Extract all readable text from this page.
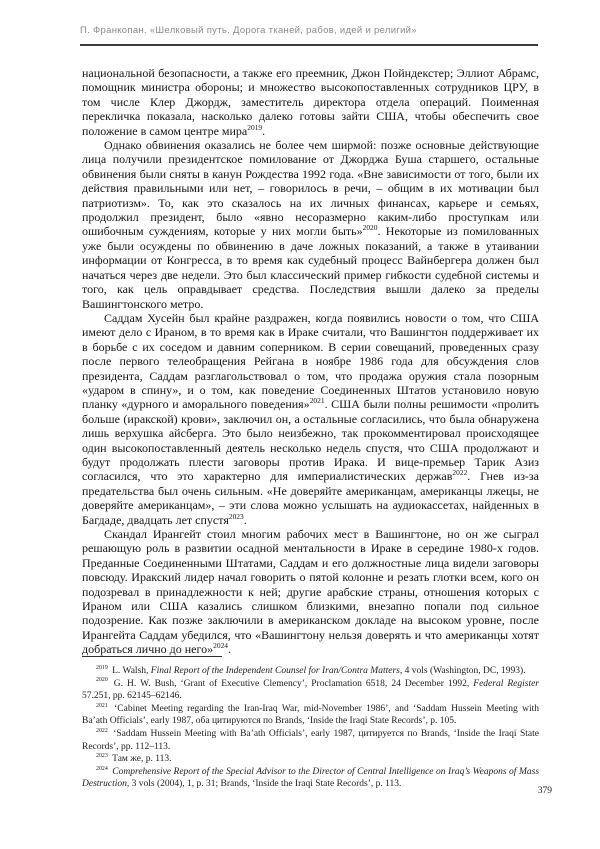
П. Франкопан. «Шелковый путь. Дорога тканей, рабов, идей и религий»

национальной безопасности, а также его преемник, Джон Пойндекстер; Эллиот Абрамс, помощник министра обороны; и множество высокопоставленных сотрудников ЦРУ, в том числе Клер Джордж, заместитель директора отдела операций. Поименная перекличка показала, насколько далеко готовы зайти США, чтобы обеспечить свое положение в самом центре мира$^{2019}$.

Однако обвинения оказались не более чем ширмой: позже основные действующие лица получили президентское помилование от Джорджа Буша старшего, остальные обвинения были сняты в канун Рождества 1992 года. «Вне зависимости от того, были их действия правильными или нет, – говорилось в речи, – общим в их мотивации был патриотизм». То, как это сказалось на их личных финансах, карьере и семьях, продолжил президент, было «явно несоразмерно каким-либо проступкам или ошибочным суждениям, которые у них могли быть»$^{2020}$. Некоторые из помилованных уже были осуждены по обвинению в даче ложных показаний, а также в утаивании информации от Конгресса, в то время как судебный процесс Вайнбергера должен был начаться через две недели. Это был классический пример гибкости судебной системы и того, как цель оправдывает средства. Последствия вышли далеко за пределы Вашингтонского метро.

Саддам Хусейн был крайне раздражен, когда появились новости о том, что США имеют дело с Ираном, в то время как в Ираке считали, что Вашингтон поддерживает их в борьбе с их соседом и давним соперником. В серии совещаний, проведенных сразу после первого телеобращения Рейгана в ноябре 1986 года для обсуждения слов президента, Саддам разглагольствовал о том, что продажа оружия стала позорным «ударом в спину», и о том, как поведение Соединенных Штатов установило новую планку «дурного и аморального поведения»$^{2021}$. США были полны решимости «пролить больше (иракской) крови», заключил он, а остальные согласились, что была обнаружена лишь верхушка айсберга. Это было неизбежно, так прокомментировал происходящее один высокопоставленный деятель несколько недель спустя, что США продолжают и будут продолжать плести заговоры против Ирака. И вице-премьер Тарик Азиз согласился, что это характерно для империалистических держав$^{2022}$. Гнев из-за предательства был очень сильным. «Не доверяйте американцам, американцы лжецы, не доверяйте американцам», – эти слова можно услышать на аудиокассетах, найденных в Багдаде, двадцать лет спустя$^{2023}$.

Скандал Ирангейт стоил многим рабочих мест в Вашингтоне, но он же сыграл решающую роль в развитии осадной ментальности в Ираке в середине 1980-х годов. Преданные Соединенными Штатами, Саддам и его должностные лица видели заговоры повсюду. Иракский лидер начал говорить о пятой колонне и резать глотки всем, кого он подозревал в принадлежности к ней; другие арабские страны, отношения которых с Ираном или США казались слишком близкими, внезапно попали под сильное подозрение. Как позже заключили в американском докладе на высоком уровне, после Ирангейта Саддам убедился, что «Вашингтону нельзя доверять и что американцы хотят добраться лично до него»$^{2024}$.

$^{2019}$ L. Walsh, Final Report of the Independent Counsel for Iran/Contra Matters, 4 vols (Washington, DC, 1993).
$^{2020}$ G. H. W. Bush, ‘Grant of Executive Clemency’, Proclamation 6518, 24 December 1992, Federal Register 57.251, pp. 62145–62146.
$^{2021}$ ‘Cabinet Meeting regarding the Iran-Iraq War, mid-November 1986’, and ‘Saddam Hussein Meeting with Ba’ath Officials’, early 1987, оба цитируются по Brands, ‘Inside the Iraqi State Records’, p. 105.
$^{2022}$ ‘Saddam Hussein Meeting with Ba’ath Officials’, early 1987, цитируется по Brands, ‘Inside the Iraqi State Records’, pp. 112–113.
$^{2023}$ Там же, p. 113.
$^{2024}$ Comprehensive Report of the Special Advisor to the Director of Central Intelligence on Iraq’s Weapons of Mass Destruction, 3 vols (2004), 1, p. 31; Brands, ‘Inside the Iraqi State Records’, p. 113.
379
